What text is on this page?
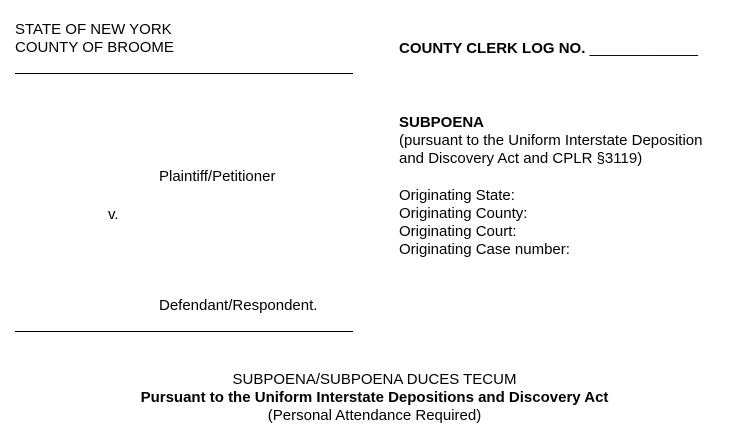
STATE OF NEW YORK
COUNTY OF BROOME
Plaintiff/Petitioner
v.
Defendant/Respondent.
COUNTY CLERK LOG NO. _____________
SUBPOENA
(pursuant to the Uniform Interstate Deposition
and Discovery Act and CPLR §3119)
Originating State:
Originating County:
Originating Court:
Originating Case number:
SUBPOENA/SUBPOENA DUCES TECUM
Pursuant to the Uniform Interstate Depositions and Discovery Act
(Personal Attendance Required)
